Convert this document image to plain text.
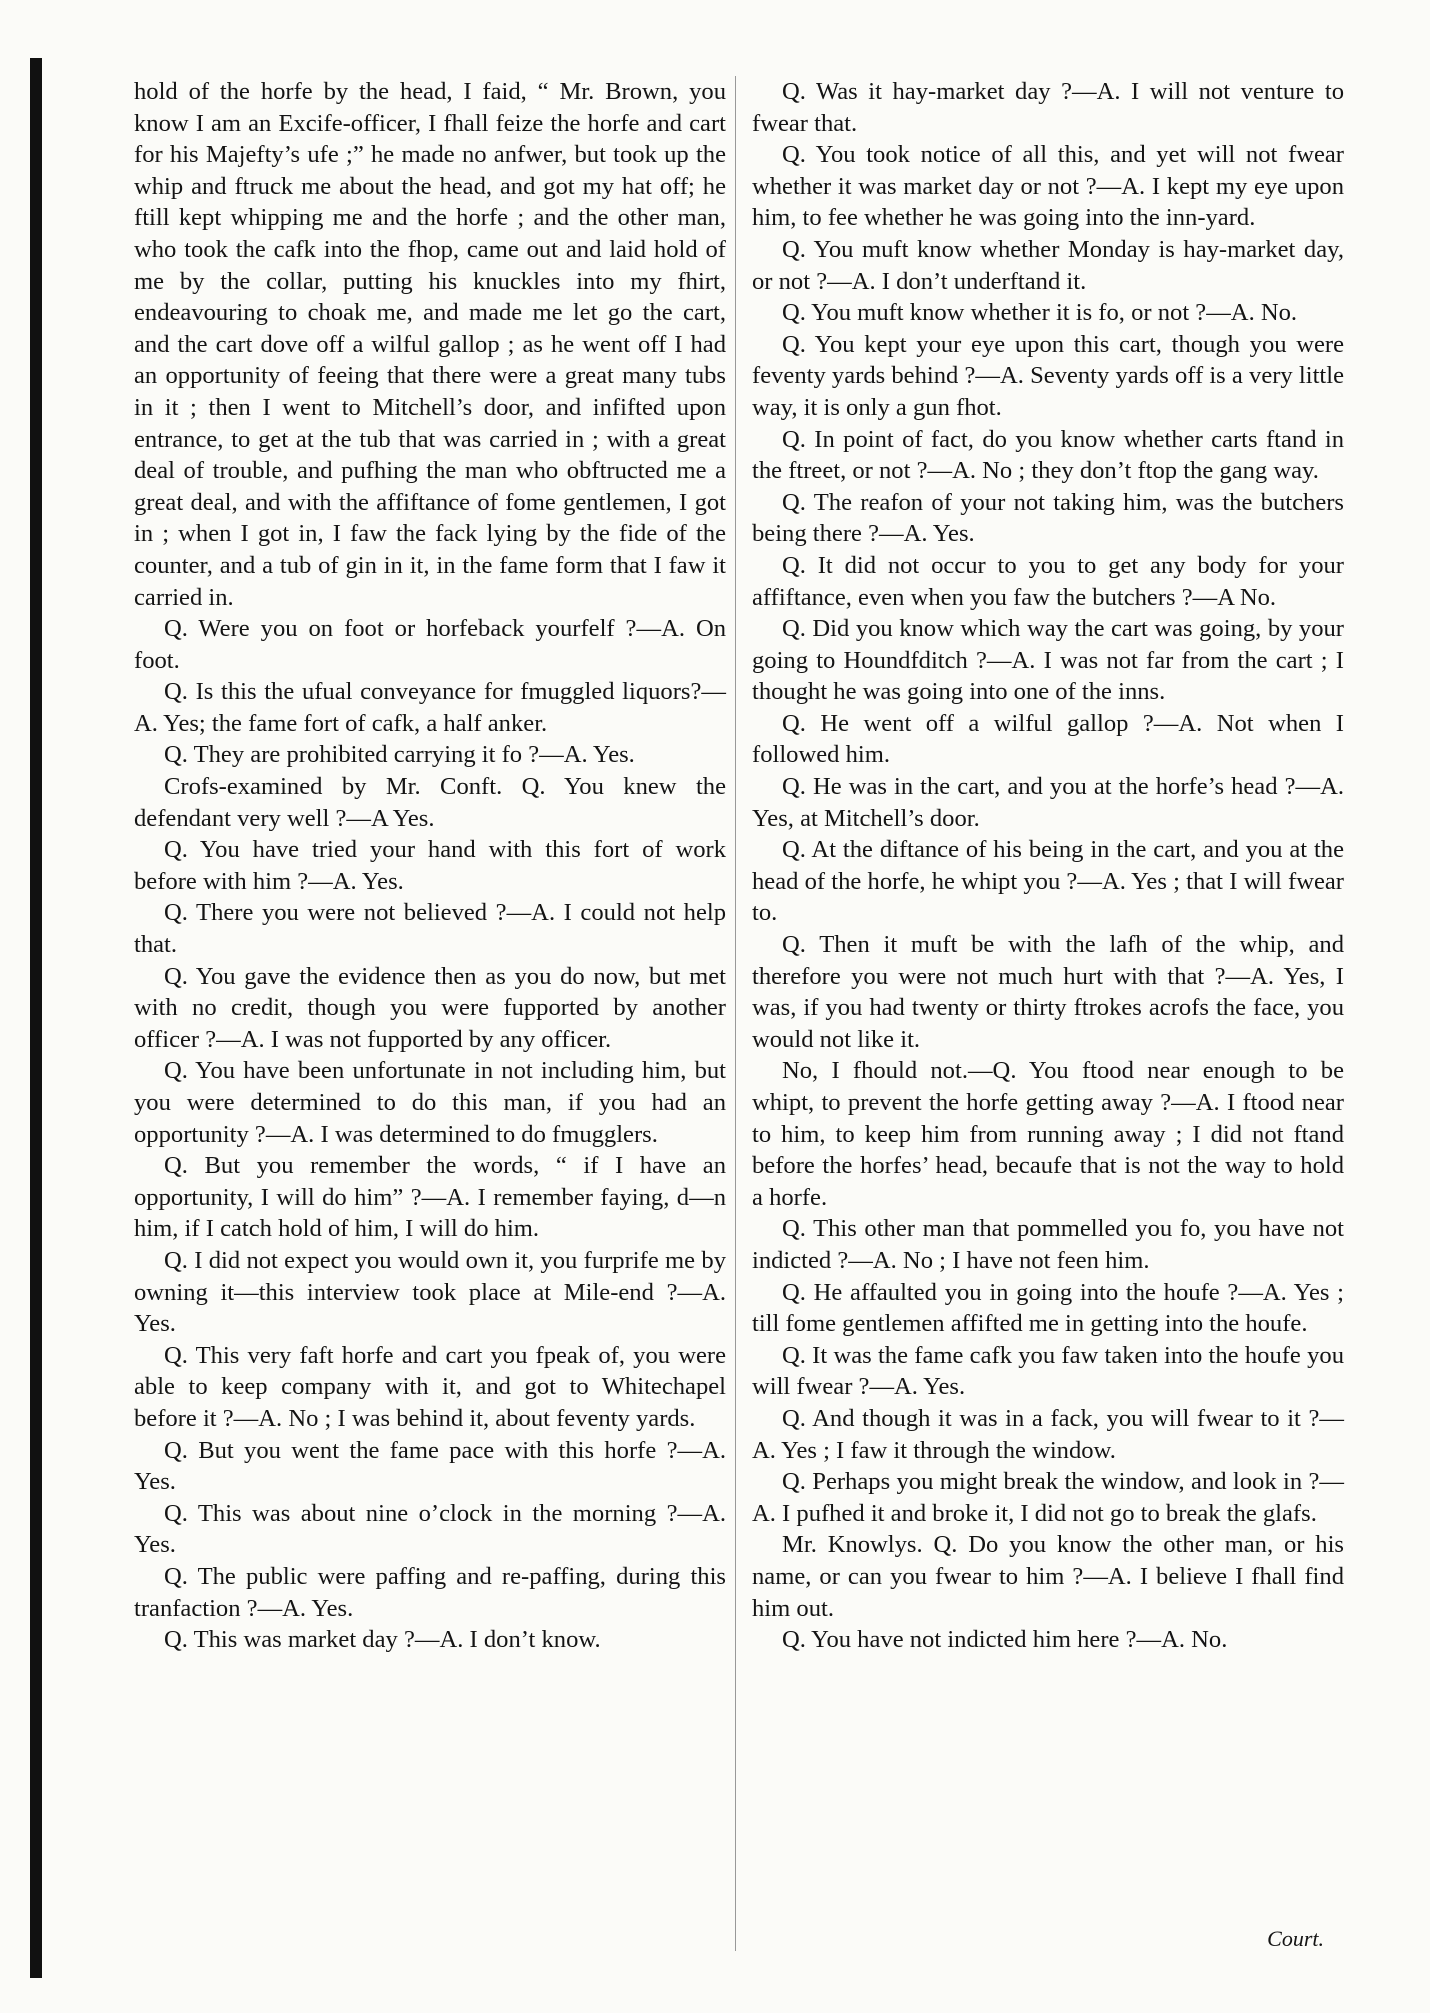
hold of the horfe by the head, I faid, “ Mr. Brown, you know I am an Excife-officer, I fhall feize the horfe and cart for his Majefty’s ufe ;” he made no anfwer, but took up the whip and ftruck me about the head, and got my hat off; he ftill kept whipping me and the horfe ; and the other man, who took the cafk into the fhop, came out and laid hold of me by the collar, putting his knuckles into my fhirt, endeavouring to choak me, and made me let go the cart, and the cart dove off a wilful gallop ; as he went off I had an opportunity of feeing that there were a great many tubs in it ; then I went to Mitchell’s door, and infifted upon entrance, to get at the tub that was carried in ; with a great deal of trouble, and pufhing the man who obftructed me a great deal, and with the affiftance of fome gentlemen, I got in ; when I got in, I faw the fack lying by the fide of the counter, and a tub of gin in it, in the fame form that I faw it carried in.

Q. Were you on foot or horfeback yourfelf ?—A. On foot.

Q. Is this the ufual conveyance for fmuggled liquors?—A. Yes; the fame fort of cafk, a half anker.

Q. They are prohibited carrying it fo ?—A. Yes.

Crofs-examined by Mr. Conft. Q. You knew the defendant very well ?—A Yes.

Q. You have tried your hand with this fort of work before with him ?—A. Yes.

Q. There you were not believed ?—A. I could not help that.

Q. You gave the evidence then as you do now, but met with no credit, though you were fupported by another officer ?—A. I was not fupported by any officer.

Q. You have been unfortunate in not including him, but you were determined to do this man, if you had an opportunity ?—A. I was determined to do fmugglers.

Q. But you remember the words, “ if I have an opportunity, I will do him” ?—A. I remember faying, d—n him, if I catch hold of him, I will do him.

Q. I did not expect you would own it, you furprife me by owning it—this interview took place at Mile-end ?—A. Yes.

Q. This very faft horfe and cart you fpeak of, you were able to keep company with it, and got to Whitechapel before it ?—A. No ; I was behind it, about feventy yards.

Q. But you went the fame pace with this horfe ?—A. Yes.

Q. This was about nine o’clock in the morning ?—A. Yes.

Q. The public were paffing and re-paffing, during this tranfaction ?—A. Yes.

Q. This was market day ?—A. I don’t know.

Q. Was it hay-market day ?—A. I will not venture to fwear that.

Q. You took notice of all this, and yet will not fwear whether it was market day or not ?—A. I kept my eye upon him, to fee whether he was going into the inn-yard.

Q. You muft know whether Monday is hay-market day, or not ?—A. I don’t underftand it.

Q. You muft know whether it is fo, or not ?—A. No.

Q. You kept your eye upon this cart, though you were feventy yards behind ?—A. Seventy yards off is a very little way, it is only a gun fhot.

Q. In point of fact, do you know whether carts ftand in the ftreet, or not ?—A. No ; they don’t ftop the gang way.

Q. The reafon of your not taking him, was the butchers being there ?—A. Yes.

Q. It did not occur to you to get any body for your affiftance, even when you faw the butchers ?—A No.

Q. Did you know which way the cart was going, by your going to Houndfditch ?—A. I was not far from the cart ; I thought he was going into one of the inns.

Q. He went off a wilful gallop ?—A. Not when I followed him.

Q. He was in the cart, and you at the horfe’s head ?—A. Yes, at Mitchell’s door.

Q. At the diftance of his being in the cart, and you at the head of the horfe, he whipt you ?—A. Yes ; that I will fwear to.

Q. Then it muft be with the lafh of the whip, and therefore you were not much hurt with that ?—A. Yes, I was, if you had twenty or thirty ftrokes acrofs the face, you would not like it.

No, I fhould not.—Q. You ftood near enough to be whipt, to prevent the horfe getting away ?—A. I ftood near to him, to keep him from running away ; I did not ftand before the horfes’ head, becaufe that is not the way to hold a horfe.

Q. This other man that pommelled you fo, you have not indicted ?—A. No ; I have not feen him.

Q. He affaulted you in going into the houfe ?—A. Yes ; till fome gentlemen affifted me in getting into the houfe.

Q. It was the fame cafk you faw taken into the houfe you will fwear ?—A. Yes.

Q. And though it was in a fack, you will fwear to it ?—A. Yes ; I faw it through the window.

Q. Perhaps you might break the window, and look in ?—A. I pufhed it and broke it, I did not go to break the glafs.

Mr. Knowlys. Q. Do you know the other man, or his name, or can you fwear to him ?—A. I believe I fhall find him out.

Q. You have not indicted him here ?—A. No.

Court.
